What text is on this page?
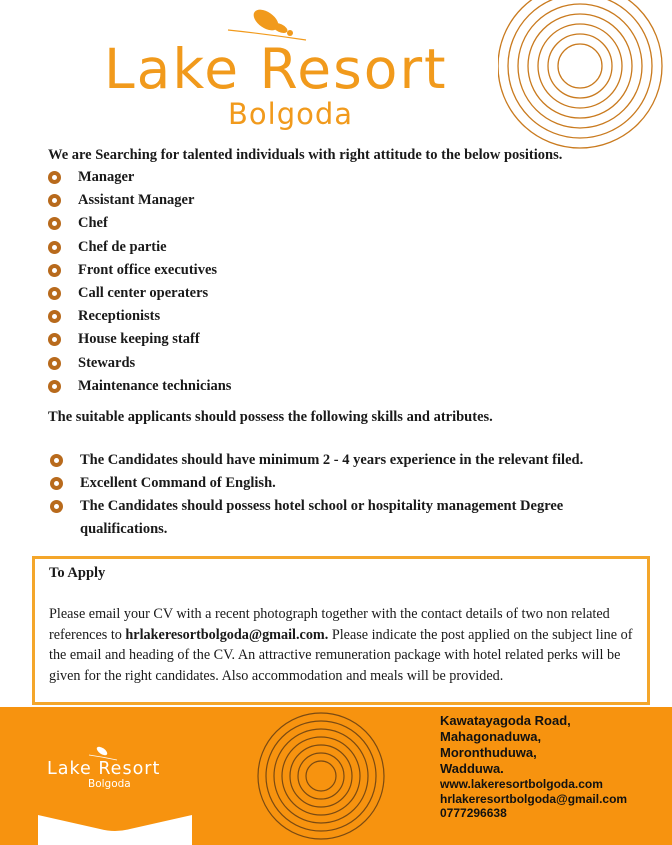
Lake Resort
Bolgoda
We are Searching for talented individuals with right attitude to the below positions.
Manager
Assistant Manager
Chef
Chef de partie
Front office executives
Call center operaters
Receptionists
House keeping staff
Stewards
Maintenance technicians
The suitable applicants should possess the following skills and atributes.
The Candidates should have minimum 2 - 4 years experience in the relevant filed.
Excellent Command of English.
The Candidates should possess hotel school or hospitality management Degree qualifications.
To Apply
Please email your CV with a recent photograph together with the contact details of two non related references to hrlakeresortbolgoda@gmail.com. Please indicate the post applied on the subject line of the email and heading of the CV. An attractive remuneration package with hotel related perks will be given for the right candidates. Also accommodation and meals will be provided.
Lake Resort
Bolgoda
Kawatayagoda Road,
Mahagonaduwa,
Moronthuduwa,
Wadduwa.
www.lakeresortbolgoda.com
hrlakeresortbolgoda@gmail.com
0777296638
